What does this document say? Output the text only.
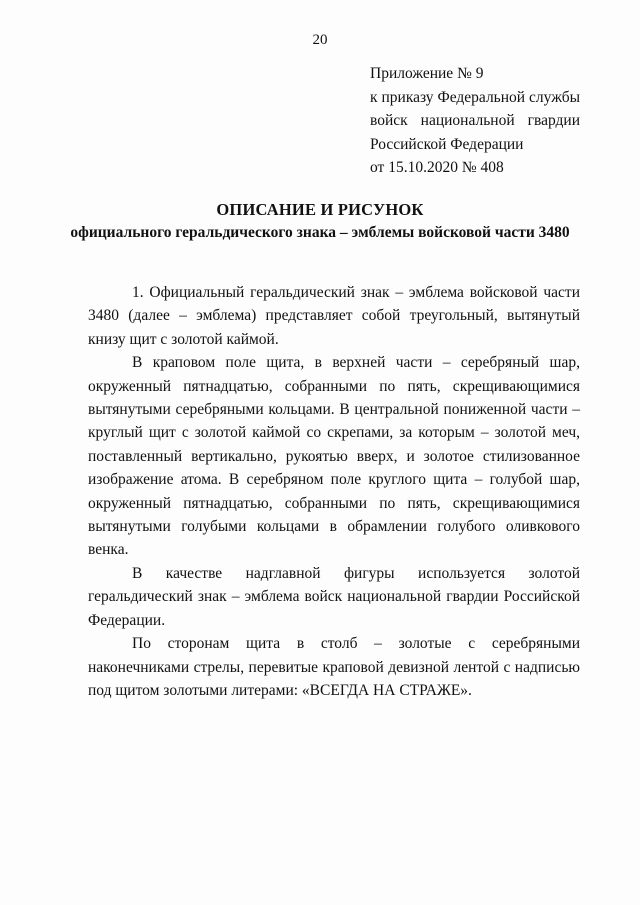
20
Приложение № 9
к приказу Федеральной службы
войск национальной гвардии
Российской Федерации
от 15.10.2020 № 408
ОПИСАНИЕ И РИСУНОК
официального геральдического знака – эмблемы войсковой части 3480

1. Официальный геральдический знак – эмблема войсковой части 3480 (далее – эмблема) представляет собой треугольный, вытянутый книзу щит с золотой каймой.

В краповом поле щита, в верхней части – серебряный шар, окруженный пятнадцатью, собранными по пять, скрещивающимися вытянутыми серебряными кольцами. В центральной пониженной части – круглый щит с золотой каймой со скрепами, за которым – золотой меч, поставленный вертикально, рукоятью вверх, и золотое стилизованное изображение атома. В серебряном поле круглого щита – голубой шар, окруженный пятнадцатью, собранными по пять, скрещивающимися вытянутыми голубыми кольцами в обрамлении голубого оливкового венка.

В качестве надглавной фигуры используется золотой геральдический знак – эмблема войск национальной гвардии Российской Федерации.

По сторонам щита в столб – золотые с серебряными наконечниками стрелы, перевитые краповой девизной лентой с надписью под щитом золотыми литерами: «ВСЕГДА НА СТРАЖЕ».
